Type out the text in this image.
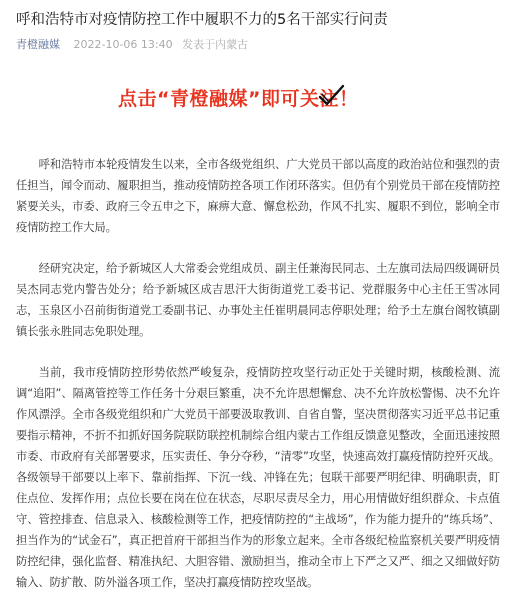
呼和浩特市对疫情防控工作中履职不力的5名干部实行问责
青橙融媒 2022-10-06 13:40 发表于内蒙古
点击“青橙融媒”即可关注！

呼和浩特市本轮疫情发生以来，全市各级党组织、广大党员干部以高度的政治站位和强烈的责任担当，闻令而动、履职担当，推动疫情防控各项工作闭环落实。但仍有个别党员干部在疫情防控紧要关头，市委、政府三令五申之下，麻痹大意、懈怠松劲，作风不扎实、履职不到位，影响全市疫情防控工作大局。

经研究决定，给予新城区人大常委会党组成员、副主任兼海民同志、土左旗司法局四级调研员吴杰同志党内警告处分；给予新城区成吉思汗大街街道党工委书记、党群服务中心主任王雪冰同志，玉泉区小召前街街道党工委副书记、办事处主任崔明晨同志停职处理；给予土左旗台阁牧镇副镇长张永胜同志免职处理。

当前，我市疫情防控形势依然严峻复杂，疫情防控攻坚行动正处于关键时期，核酸检测、流调“追阳”、隔离管控等工作任务十分艰巨繁重，决不允许思想懈怠、决不允许放松警惕、决不允许作风漂浮。全市各级党组织和广大党员干部要汲取教训、自省自警，坚决贯彻落实习近平总书记重要指示精神，不折不扣抓好国务院联防联控机制综合组内蒙古工作组反馈意见整改，全面迅速按照市委、市政府有关部署要求，压实责任、争分夺秒，“清零”攻坚，快速高效打赢疫情防控歼灭战。各级领导干部要以上率下、靠前指挥、下沉一线、冲锋在先；包联干部要严明纪律、明确职责，盯住点位、发挥作用；点位长要在岗在位在状态，尽职尽责尽全力，用心用情做好组织群众、卡点值守、管控排查、信息录入、核酸检测等工作，把疫情防控的“主战场”，作为能力提升的“练兵场”、担当作为的“试金石”，真正把首府干部担当作为的形象立起来。全市各级纪检监察机关要严明疫情防控纪律，强化监督、精准执纪、大胆容错、激励担当，推动全市上下严之又严、细之又细做好防输入、防扩散、防外溢各项工作，坚决打赢疫情防控攻坚战。
